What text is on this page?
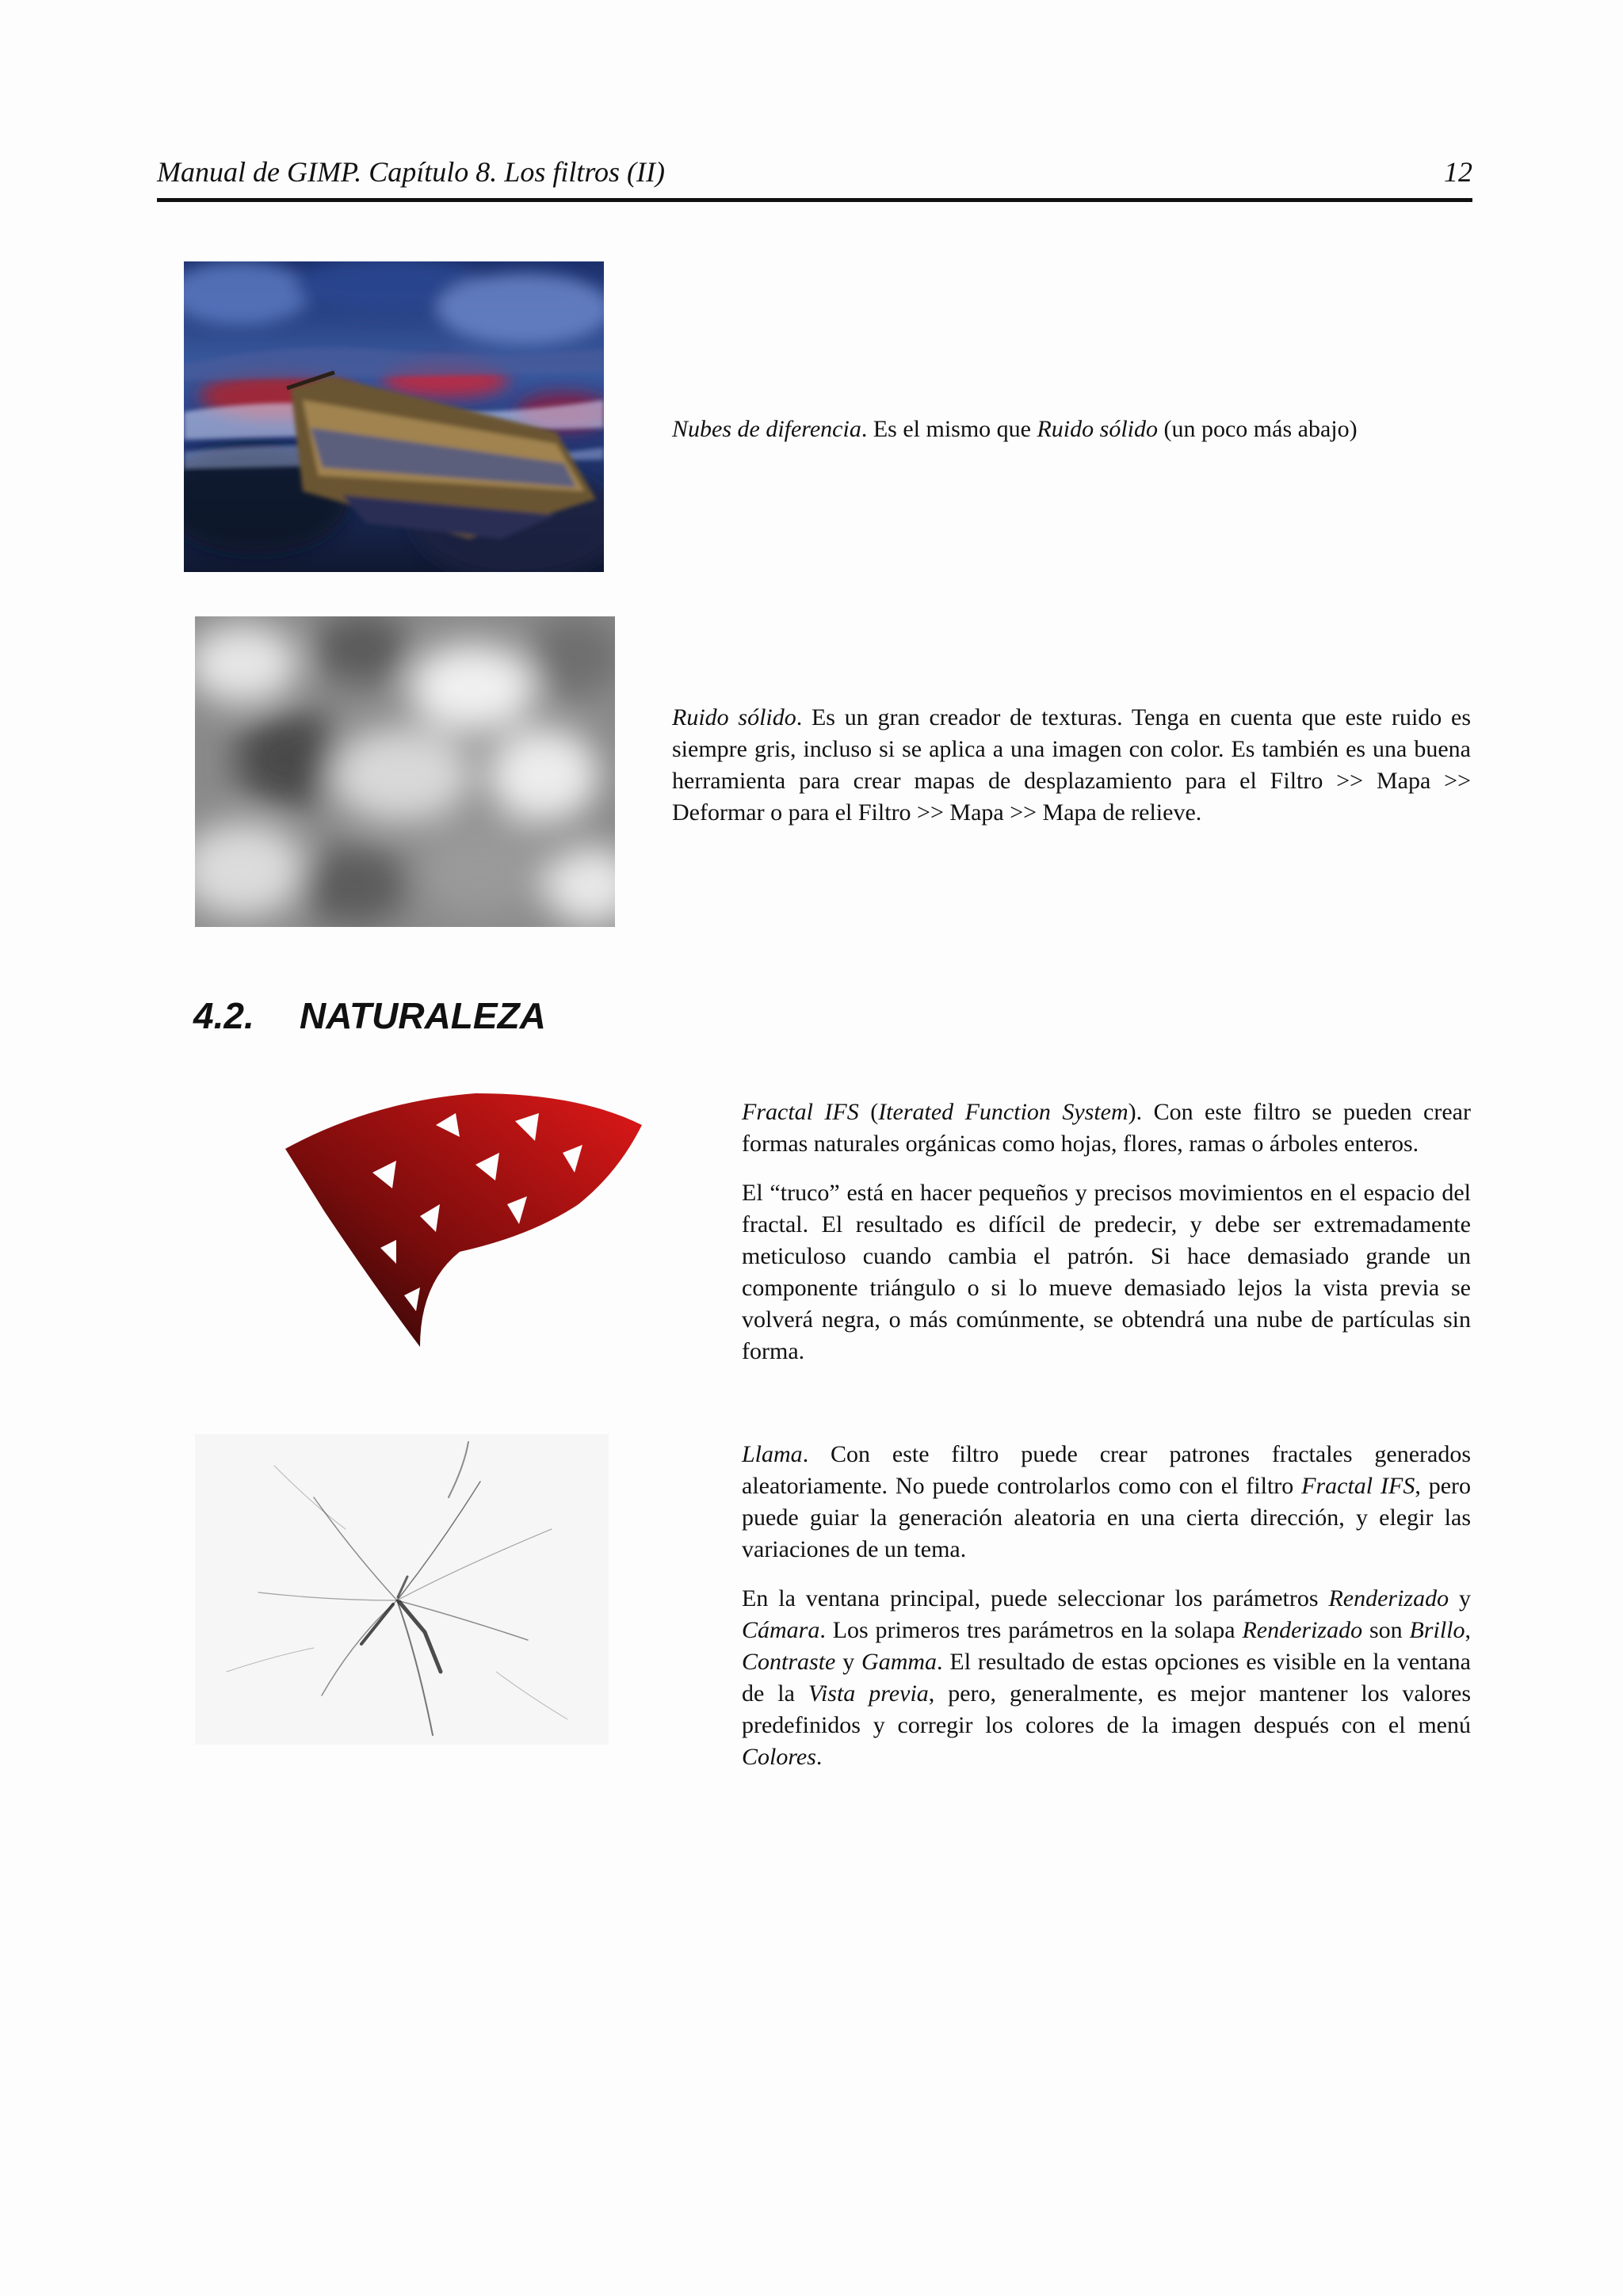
Manual de GIMP. Capítulo 8. Los filtros (II)	12

Nubes de diferencia. Es el mismo que Ruido sólido (un poco más abajo)

Ruido sólido. Es un gran creador de texturas. Tenga en cuenta que este ruido es siempre gris, incluso si se aplica a una imagen con color. Es también es una buena herramienta para crear mapas de desplazamiento para el Filtro >> Mapa >> Deformar o para el Filtro >> Mapa >> Mapa de relieve.

4.2. NATURALEZA

Fractal IFS (Iterated Function System). Con este filtro se pueden crear formas naturales orgánicas como hojas, flores, ramas o árboles enteros.

El “truco” está en hacer pequeños y precisos movimientos en el espacio del fractal. El resultado es difícil de predecir, y debe ser extremadamente meticuloso cuando cambia el patrón. Si hace demasiado grande un componente triángulo o si lo mueve demasiado lejos la vista previa se volverá negra, o más comúnmente, se obtendrá una nube de partículas sin forma.

Llama. Con este filtro puede crear patrones fractales generados aleatoriamente. No puede controlarlos como con el filtro Fractal IFS, pero puede guiar la generación aleatoria en una cierta dirección, y elegir las variaciones de un tema.

En la ventana principal, puede seleccionar los parámetros Renderizado y Cámara. Los primeros tres parámetros en la solapa Renderizado son Brillo, Contraste y Gamma. El resultado de estas opciones es visible en la ventana de la Vista previa, pero, generalmente, es mejor mantener los valores predefinidos y corregir los colores de la imagen después con el menú Colores.
